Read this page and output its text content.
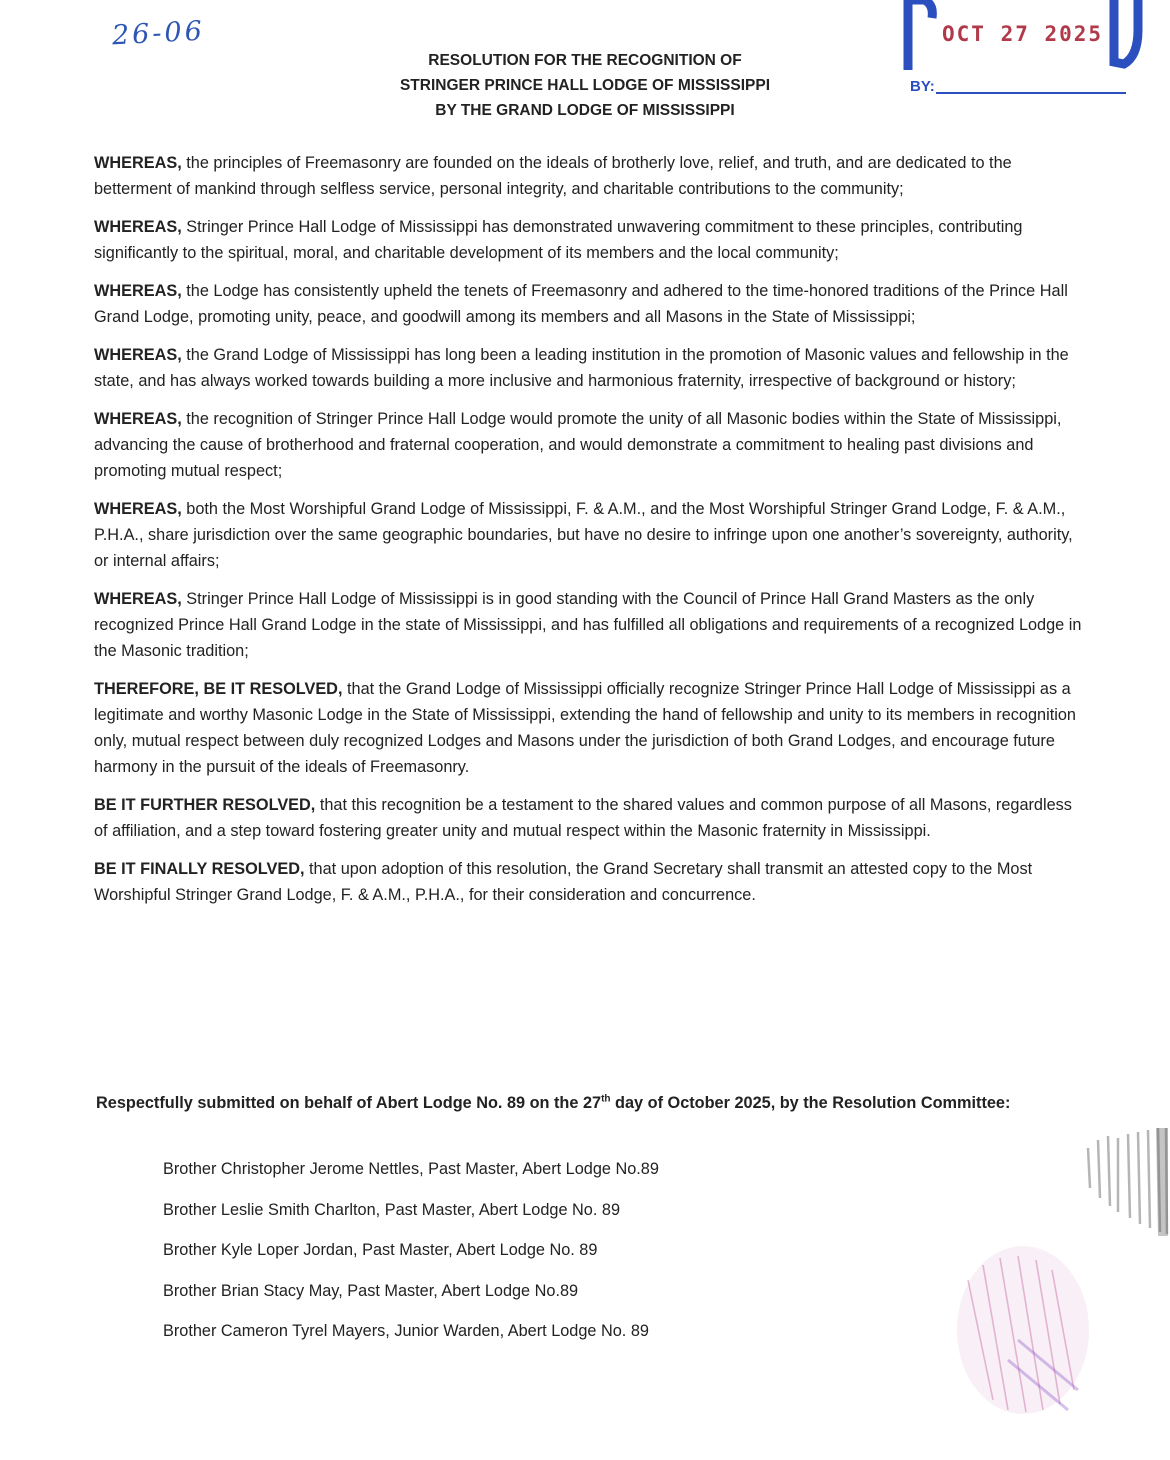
26-06	OCT 27 2025
BY:
RESOLUTION FOR THE RECOGNITION OF
STRINGER PRINCE HALL LODGE OF MISSISSIPPI
BY THE GRAND LODGE OF MISSISSIPPI

WHEREAS, the principles of Freemasonry are founded on the ideals of brotherly love, relief, and truth, and are dedicated to the betterment of mankind through selfless service, personal integrity, and charitable contributions to the community;

WHEREAS, Stringer Prince Hall Lodge of Mississippi has demonstrated unwavering commitment to these principles, contributing significantly to the spiritual, moral, and charitable development of its members and the local community;

WHEREAS, the Lodge has consistently upheld the tenets of Freemasonry and adhered to the time-honored traditions of the Prince Hall Grand Lodge, promoting unity, peace, and goodwill among its members and all Masons in the State of Mississippi;

WHEREAS, the Grand Lodge of Mississippi has long been a leading institution in the promotion of Masonic values and fellowship in the state, and has always worked towards building a more inclusive and harmonious fraternity, irrespective of background or history;

WHEREAS, the recognition of Stringer Prince Hall Lodge would promote the unity of all Masonic bodies within the State of Mississippi, advancing the cause of brotherhood and fraternal cooperation, and would demonstrate a commitment to healing past divisions and promoting mutual respect;

WHEREAS, both the Most Worshipful Grand Lodge of Mississippi, F. & A.M., and the Most Worshipful Stringer Grand Lodge, F. & A.M., P.H.A., share jurisdiction over the same geographic boundaries, but have no desire to infringe upon one another’s sovereignty, authority, or internal affairs;

WHEREAS, Stringer Prince Hall Lodge of Mississippi is in good standing with the Council of Prince Hall Grand Masters as the only recognized Prince Hall Grand Lodge in the state of Mississippi, and has fulfilled all obligations and requirements of a recognized Lodge in the Masonic tradition;

THEREFORE, BE IT RESOLVED, that the Grand Lodge of Mississippi officially recognize Stringer Prince Hall Lodge of Mississippi as a legitimate and worthy Masonic Lodge in the State of Mississippi, extending the hand of fellowship and unity to its members in recognition only, mutual respect between duly recognized Lodges and Masons under the jurisdiction of both Grand Lodges, and encourage future harmony in the pursuit of the ideals of Freemasonry.

BE IT FURTHER RESOLVED, that this recognition be a testament to the shared values and common purpose of all Masons, regardless of affiliation, and a step toward fostering greater unity and mutual respect within the Masonic fraternity in Mississippi.

BE IT FINALLY RESOLVED, that upon adoption of this resolution, the Grand Secretary shall transmit an attested copy to the Most Worshipful Stringer Grand Lodge, F. & A.M., P.H.A., for their consideration and concurrence.

Respectfully submitted on behalf of Abert Lodge No. 89 on the 27th day of October 2025, by the Resolution Committee:
Brother Christopher Jerome Nettles, Past Master, Abert Lodge No.89
Brother Leslie Smith Charlton, Past Master, Abert Lodge No. 89
Brother Kyle Loper Jordan, Past Master, Abert Lodge No. 89
Brother Brian Stacy May, Past Master, Abert Lodge No.89
Brother Cameron Tyrel Mayers, Junior Warden, Abert Lodge No. 89
